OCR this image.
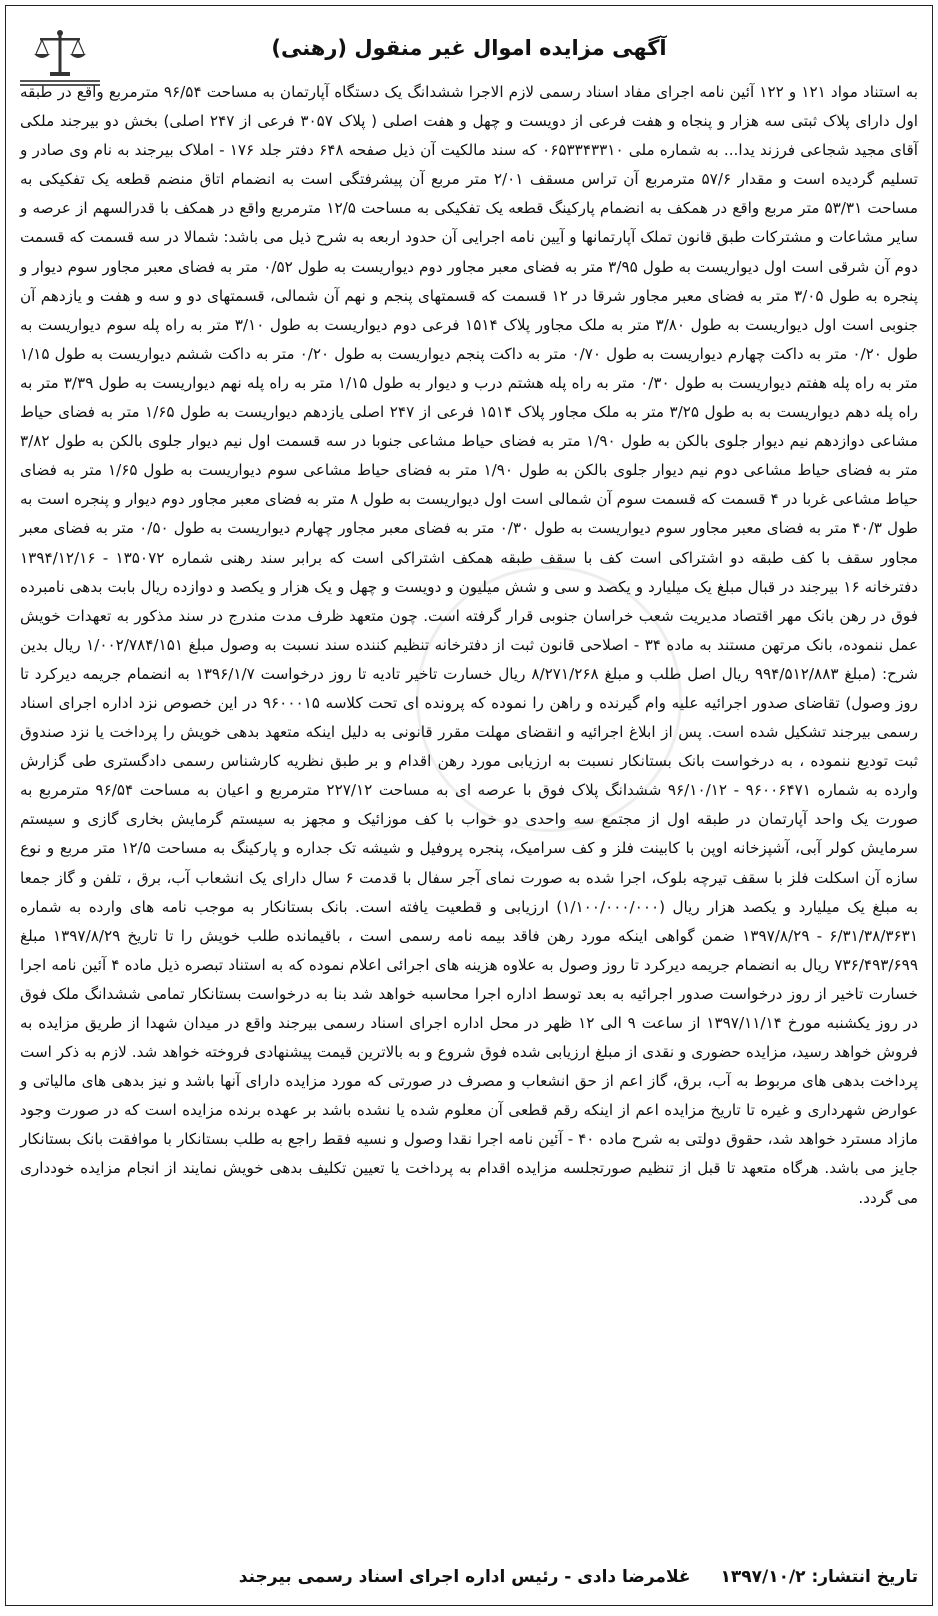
آگهی مزایده اموال غیر منقول (رهنی)
به استناد مواد ۱۲۱ و ۱۲۲ آئین نامه اجرای مفاد اسناد رسمی لازم الاجرا ششدانگ یک دستگاه آپارتمان به مساحت ۹۶/۵۴ مترمربع واقع در طبقه اول دارای پلاک ثبتی سه هزار و پنجاه و هفت فرعی از دویست و چهل و هفت اصلی ( پلاک ۳۰۵۷ فرعی از ۲۴۷ اصلی) بخش دو بیرجند ملکی آقای مجید شجاعی فرزند یدا... به شماره ملی ۰۶۵۳۳۴۳۳۱۰ که سند مالکیت آن ذیل صفحه ۶۴۸ دفتر جلد ۱۷۶ - املاک بیرجند به نام وی صادر و تسلیم گردیده است و مقدار ۵۷/۶ مترمربع آن تراس مسقف ۲/۰۱ متر مربع آن پیشرفتگی است به انضمام اتاق منضم قطعه یک تفکیکی به مساحت ۵۳/۳۱ متر مربع واقع در همکف به انضمام پارکینگ قطعه یک تفکیکی به مساحت ۱۲/۵ مترمربع واقع در همکف با قدرالسهم از عرصه و سایر مشاعات و مشترکات طبق قانون تملک آپارتمانها و آیین نامه اجرایی آن حدود اربعه به شرح ذیل می باشد: شمالا در سه قسمت که قسمت دوم آن شرقی است اول دیواریست به طول ۳/۹۵ متر به فضای معبر مجاور دوم دیواریست به طول ۰/۵۲ متر به فضای معبر مجاور سوم دیوار و پنجره به طول ۳/۰۵ متر به فضای معبر مجاور شرقا در ۱۲ قسمت که قسمتهای پنجم و نهم آن شمالی، قسمتهای دو و سه و هفت و یازدهم آن جنوبی است اول دیواریست به طول ۳/۸۰ متر به ملک مجاور پلاک ۱۵۱۴ فرعی دوم دیواریست به طول ۳/۱۰ متر به راه پله سوم دیواریست به طول ۰/۲۰ متر به داکت چهارم دیواریست به طول ۰/۷۰ متر به داکت پنجم دیواریست به طول ۰/۲۰ متر به داکت ششم دیواریست به طول ۱/۱۵ متر به راه پله هفتم دیواریست به طول ۰/۳۰ متر به راه پله هشتم درب و دیوار به طول ۱/۱۵ متر به راه پله نهم دیواریست به طول ۳/۳۹ متر به راه پله دهم دیواریست به به طول ۳/۲۵ متر به ملک مجاور پلاک ۱۵۱۴ فرعی از ۲۴۷ اصلی یازدهم دیواریست به طول ۱/۶۵ متر به فضای حیاط مشاعی دوازدهم نیم دیوار جلوی بالکن به طول ۱/۹۰ متر به فضای حیاط مشاعی جنوبا در سه قسمت اول نیم دیوار جلوی بالکن به طول ۳/۸۲ متر به فضای حیاط مشاعی دوم نیم دیوار جلوی بالکن به طول ۱/۹۰ متر به فضای حیاط مشاعی سوم دیواریست به طول ۱/۶۵ متر به فضای حیاط مشاعی غربا در ۴ قسمت که قسمت سوم آن شمالی است اول دیواریست به طول ۸ متر به فضای معبر مجاور دوم دیوار و پنجره است به طول ۴۰/۳ متر به فضای معبر مجاور سوم دیواریست به طول ۰/۳۰ متر به فضای معبر مجاور چهارم دیواریست به طول ۰/۵۰ متر به فضای معبر مجاور سقف با کف طبقه دو اشتراکی است کف با سقف طبقه همکف اشتراکی است که برابر سند رهنی شماره ۱۳۵۰۷۲ - ۱۳۹۴/۱۲/۱۶ دفترخانه ۱۶ بیرجند در قبال مبلغ یک میلیارد و یکصد و سی و شش میلیون و دویست و چهل و یک هزار و یکصد و دوازده ریال بابت بدهی نامبرده فوق در رهن بانک مهر اقتصاد مدیریت شعب خراسان جنوبی قرار گرفته است. چون متعهد ظرف مدت مندرج در سند مذکور به تعهدات خویش عمل ننموده، بانک مرتهن مستند به ماده ۳۴ - اصلاحی قانون ثبت از دفترخانه تنظیم کننده سند نسبت به وصول مبلغ ۱/۰۰۲/۷۸۴/۱۵۱ ریال بدین شرح: (مبلغ ۹۹۴/۵۱۲/۸۸۳ ریال اصل طلب و مبلغ ۸/۲۷۱/۲۶۸ ریال خسارت تاخیر تادیه تا روز درخواست ۱۳۹۶/۱/۷ به انضمام جریمه دیرکرد تا روز وصول) تقاضای صدور اجرائیه علیه وام گیرنده و راهن را نموده که پرونده ای تحت کلاسه ۹۶۰۰۰۱۵ در این خصوص نزد اداره اجرای اسناد رسمی بیرجند تشکیل شده است. پس از ابلاغ اجرائیه و انقضای مهلت مقرر قانونی به دلیل اینکه متعهد بدهی خویش را پرداخت یا نزد صندوق ثبت تودیع ننموده ، به درخواست بانک بستانکار نسبت به ارزیابی مورد رهن اقدام و بر طبق نظریه کارشناس رسمی دادگستری طی گزارش وارده به شماره ۹۶۰۰۶۴۷۱ - ۹۶/۱۰/۱۲ ششدانگ پلاک فوق با عرصه ای به مساحت ۲۲۷/۱۲ مترمربع و اعیان به مساحت ۹۶/۵۴ مترمربع به صورت یک واحد آپارتمان در طبقه اول از مجتمع سه واحدی دو خواب با کف موزائیک و مجهز به سیستم گرمایش بخاری گازی و سیستم سرمایش کولر آبی، آشپزخانه اوپن با کابینت فلز و کف سرامیک، پنجره پروفیل و شیشه تک جداره و پارکینگ به مساحت ۱۲/۵ متر مربع و نوع سازه آن اسکلت فلز با سقف تیرچه بلوک، اجرا شده به صورت نمای آجر سفال با قدمت ۶ سال دارای یک انشعاب آب، برق ، تلفن و گاز جمعا به مبلغ یک میلیارد و یکصد هزار ریال (۱/۱۰۰/۰۰۰/۰۰۰) ارزیابی و قطعیت یافته است. بانک بستانکار به موجب نامه های وارده به شماره ۶/۳۱/۳۸/۳۶۳۱ - ۱۳۹۷/۸/۲۹ ضمن گواهی اینکه مورد رهن فاقد بیمه نامه رسمی است ، باقیمانده طلب خویش را تا تاریخ ۱۳۹۷/۸/۲۹ مبلغ ۷۳۶/۴۹۳/۶۹۹ ریال به انضمام جریمه دیرکرد تا روز وصول به علاوه هزینه های اجرائی اعلام نموده که به استناد تبصره ذیل ماده ۴ آئین نامه اجرا خسارت تاخیر از روز درخواست صدور اجرائیه به بعد توسط اداره اجرا محاسبه خواهد شد بنا به درخواست بستانکار تمامی ششدانگ ملک فوق در روز یکشنبه مورخ ۱۳۹۷/۱۱/۱۴ از ساعت ۹ الی ۱۲ ظهر در محل اداره اجرای اسناد رسمی بیرجند واقع در میدان شهدا از طریق مزایده به فروش خواهد رسید، مزایده حضوری و نقدی از مبلغ ارزیابی شده فوق شروع و به بالاترین قیمت پیشنهادی فروخته خواهد شد. لازم به ذکر است پرداخت بدهی های مربوط به آب، برق، گاز اعم از حق انشعاب و مصرف در صورتی که مورد مزایده دارای آنها باشد و نیز بدهی های مالیاتی و عوارض شهرداری و غیره تا تاریخ مزایده اعم از اینکه رقم قطعی آن معلوم شده یا نشده باشد بر عهده برنده مزایده است که در صورت وجود مازاد مسترد خواهد شد، حقوق دولتی به شرح ماده ۴۰ - آئین نامه اجرا نقدا وصول و نسیه فقط راجع به طلب بستانکار با موافقت بانک بستانکار جایز می باشد. هرگاه متعهد تا قبل از تنظیم صورتجلسه مزایده اقدام به پرداخت یا تعیین تکلیف بدهی خویش نمایند از انجام مزایده خودداری می گردد.
تاریخ انتشار: ۱۳۹۷/۱۰/۲
غلامرضا دادی - رئیس اداره اجرای اسناد رسمی بیرجند
